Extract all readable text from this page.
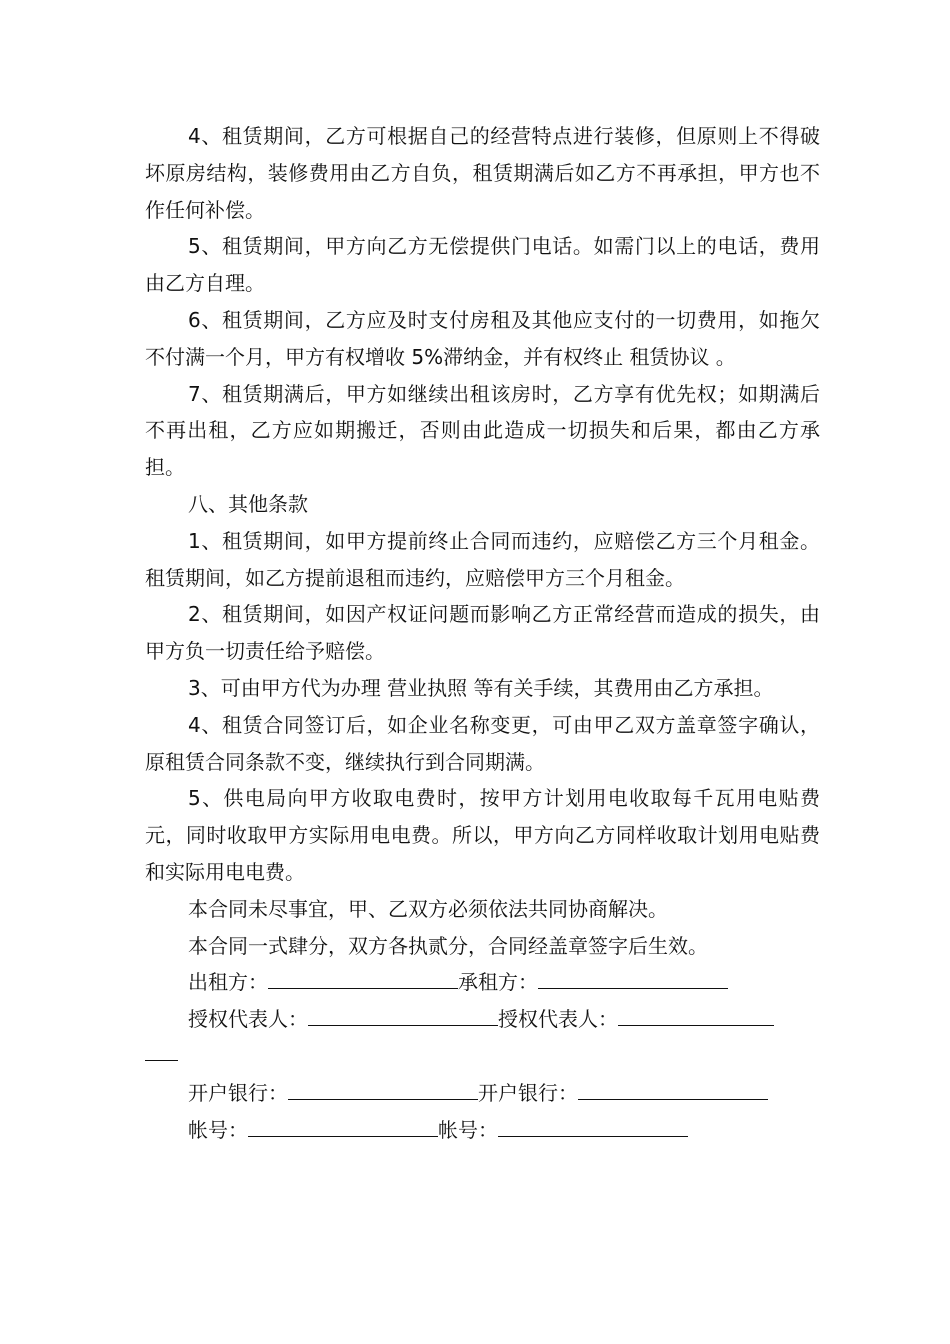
4、租赁期间，乙方可根据自己的经营特点进行装修，但原则上不得破坏原房结构，装修费用由乙方自负，租赁期满后如乙方不再承担，甲方也不作任何补偿。

5、租赁期间，甲方向乙方无偿提供门电话。如需门以上的电话，费用由乙方自理。

6、租赁期间，乙方应及时支付房租及其他应支付的一切费用，如拖欠不付满一个月，甲方有权增收 5%滞纳金，并有权终止 租赁协议 。

7、租赁期满后，甲方如继续出租该房时，乙方享有优先权；如期满后不再出租，乙方应如期搬迁，否则由此造成一切损失和后果，都由乙方承担。

八、其他条款

1、租赁期间，如甲方提前终止合同而违约，应赔偿乙方三个月租金。租赁期间，如乙方提前退租而违约，应赔偿甲方三个月租金。

2、租赁期间，如因产权证问题而影响乙方正常经营而造成的损失，由甲方负一切责任给予赔偿。

3、可由甲方代为办理 营业执照 等有关手续，其费用由乙方承担。

4、租赁合同签订后，如企业名称变更，可由甲乙双方盖章签字确认，原租赁合同条款不变，继续执行到合同期满。

5、供电局向甲方收取电费时，按甲方计划用电收取每千瓦用电贴费元，同时收取甲方实际用电电费。所以，甲方向乙方同样收取计划用电贴费和实际用电电费。

本合同未尽事宜，甲、乙双方必须依法共同协商解决。

本合同一式肆分，双方各执贰分，合同经盖章签字后生效。

出租方：	承租方：

授权代表人：	授权代表人：

开户银行：	开户银行：

帐号：	帐号：
